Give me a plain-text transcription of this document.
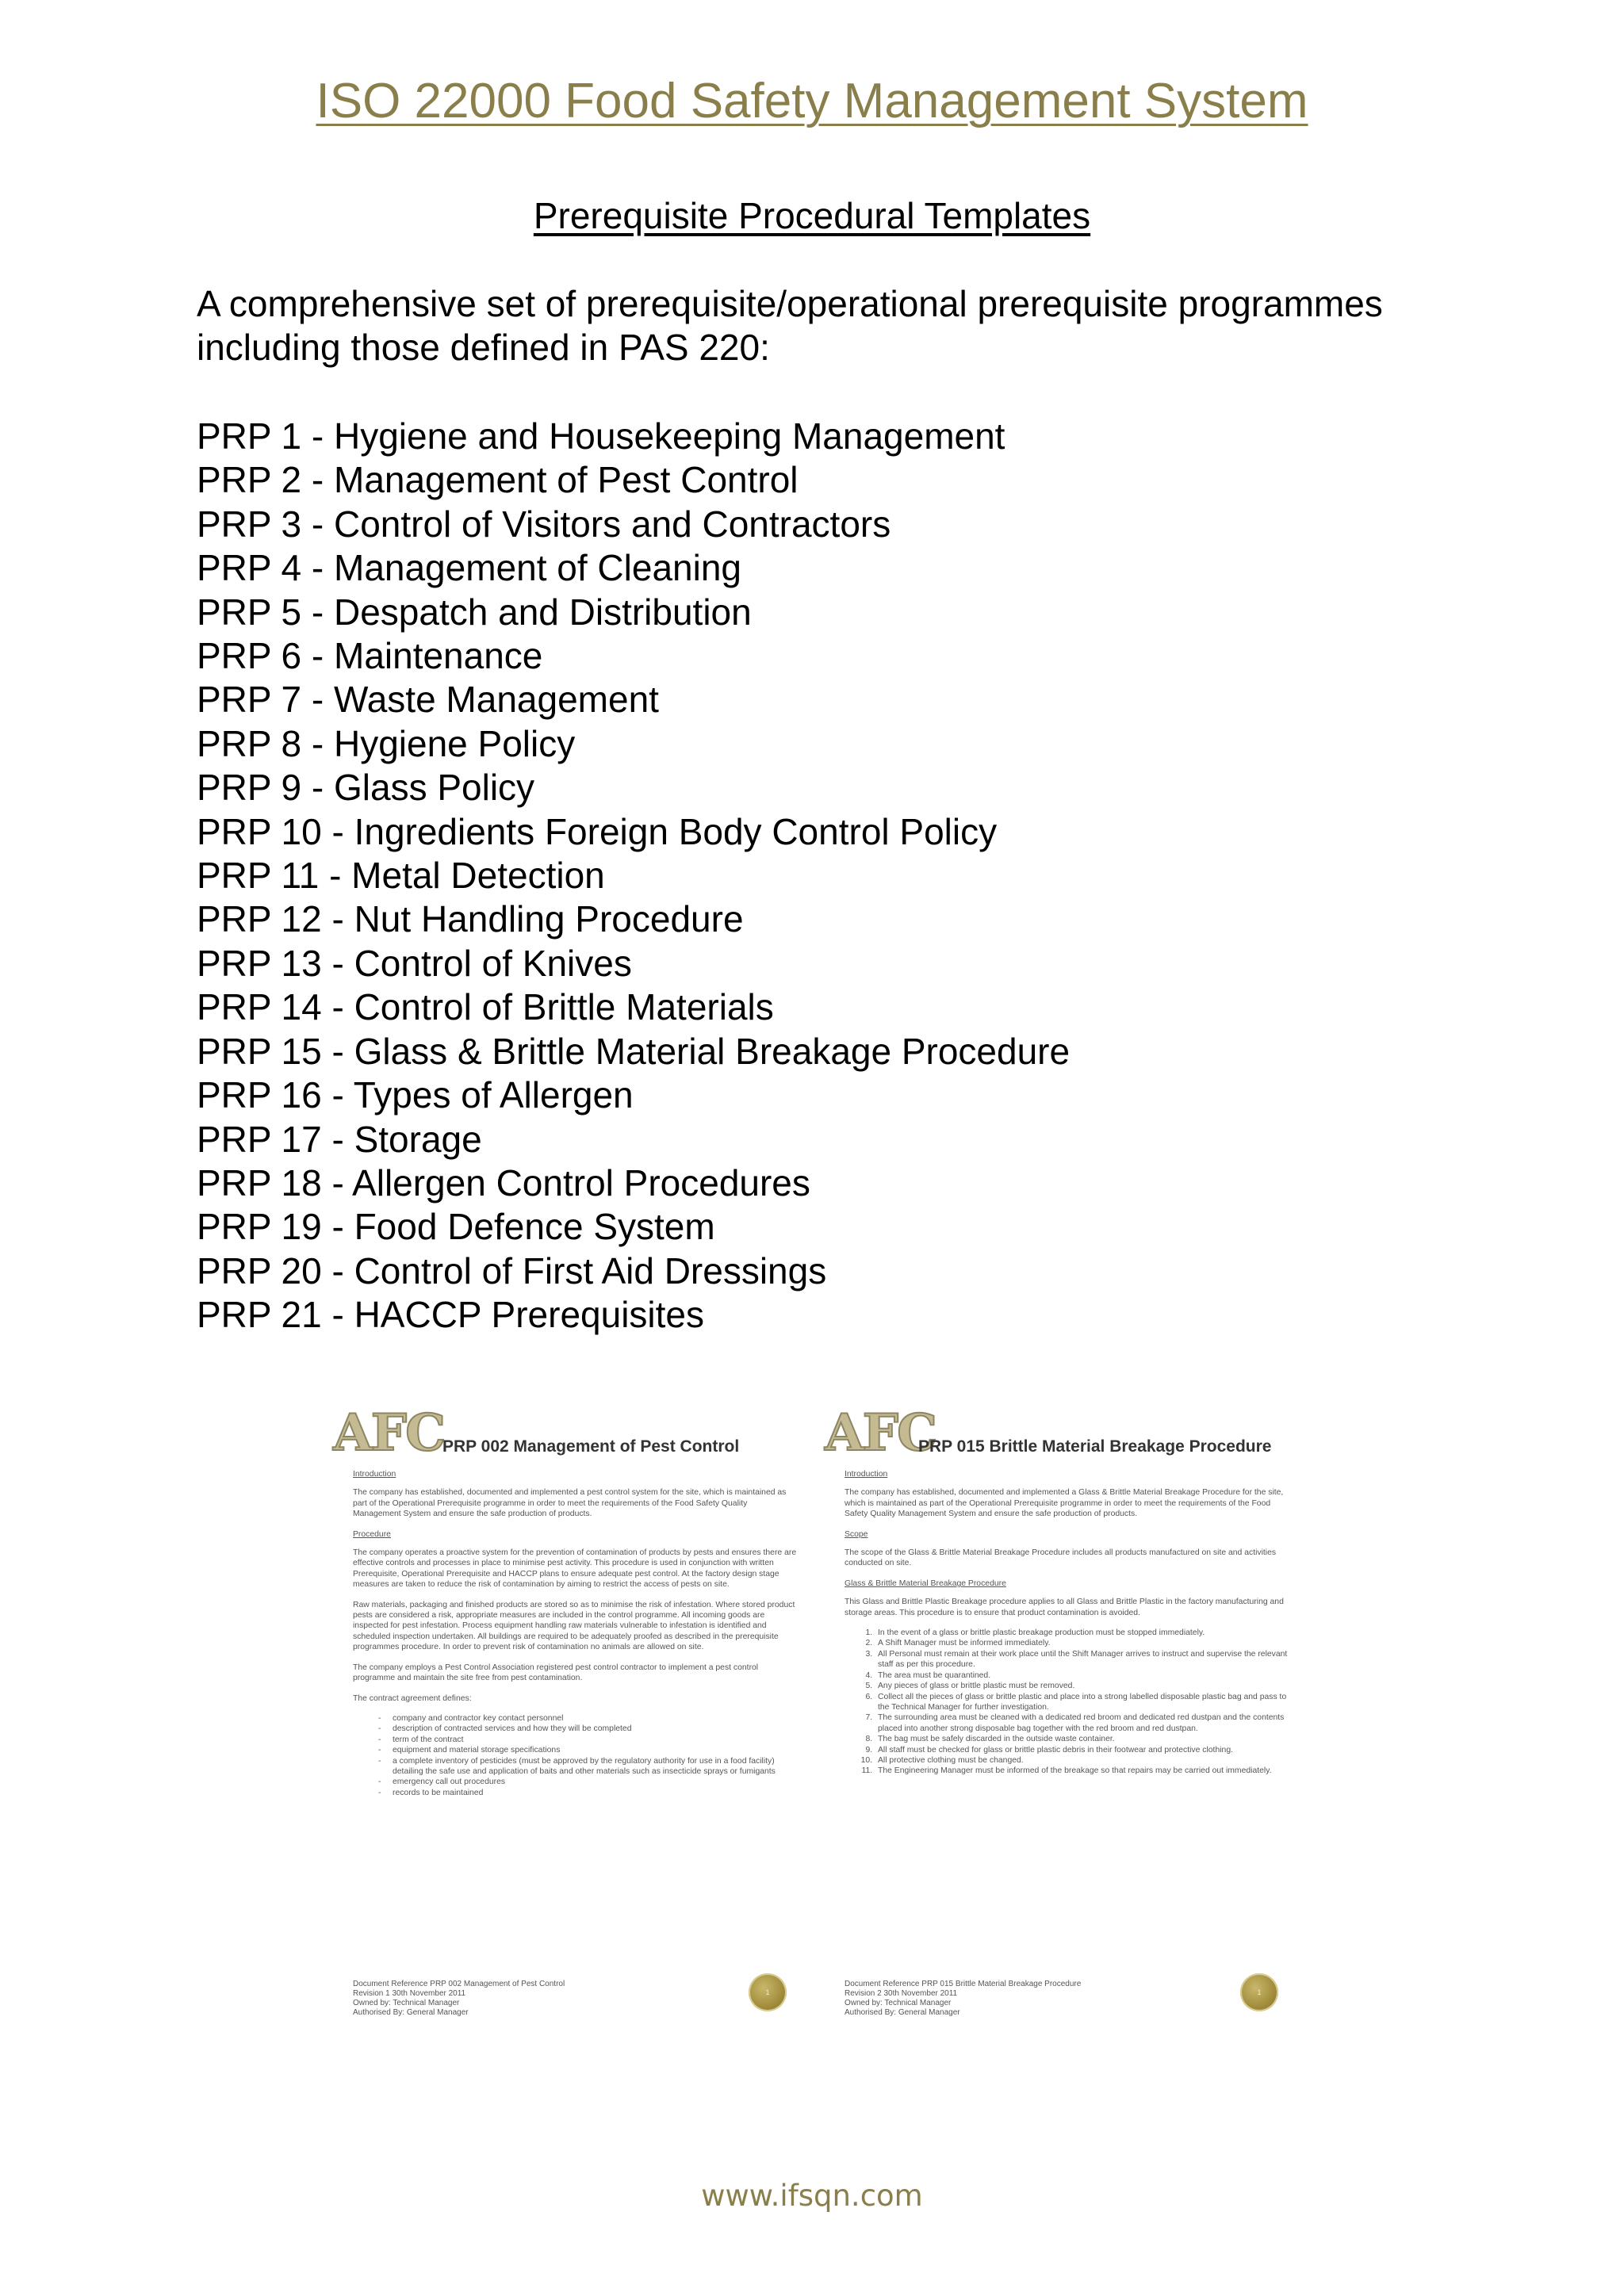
ISO 22000 Food Safety Management System
Prerequisite Procedural Templates

A comprehensive set of prerequisite/operational prerequisite programmes including those defined in PAS 220:

PRP 1 - Hygiene and Housekeeping Management
PRP 2 - Management of Pest Control
PRP 3 - Control of Visitors and Contractors
PRP 4 - Management of Cleaning
PRP 5 - Despatch and Distribution
PRP 6 - Maintenance
PRP 7 - Waste Management
PRP 8 - Hygiene Policy
PRP 9 - Glass Policy
PRP 10 - Ingredients Foreign Body Control Policy
PRP 11 - Metal Detection
PRP 12 - Nut Handling Procedure
PRP 13 - Control of Knives
PRP 14 - Control of Brittle Materials
PRP 15 - Glass & Brittle Material Breakage Procedure
PRP 16 - Types of Allergen
PRP 17 - Storage
PRP 18 - Allergen Control Procedures
PRP 19 - Food Defence System
PRP 20 - Control of First Aid Dressings
PRP 21 - HACCP Prerequisites
AFC
PRP 002 Management of Pest Control

Introduction

The company has established, documented and implemented a pest control system for the site, which is maintained as part of the Operational Prerequisite programme in order to meet the requirements of the Food Safety Quality Management System and ensure the safe production of products.

Procedure

The company operates a proactive system for the prevention of contamination of products by pests and ensures there are effective controls and processes in place to minimise pest activity. This procedure is used in conjunction with written Prerequisite, Operational Prerequisite and HACCP plans to ensure adequate pest control. At the factory design stage measures are taken to reduce the risk of contamination by aiming to restrict the access of pests on site.

Raw materials, packaging and finished products are stored so as to minimise the risk of infestation. Where stored product pests are considered a risk, appropriate measures are included in the control programme. All incoming goods are inspected for pest infestation. Process equipment handling raw materials vulnerable to infestation is identified and scheduled inspection undertaken. All buildings are required to be adequately proofed as described in the prerequisite programmes procedure. In order to prevent risk of contamination no animals are allowed on site.

The company employs a Pest Control Association registered pest control contractor to implement a pest control programme and maintain the site free from pest contamination.

The contract agreement defines:

- company and contractor key contact personnel
- description of contracted services and how they will be completed
- term of the contract
- equipment and material storage specifications
- a complete inventory of pesticides (must be approved by the regulatory authority for use in a food facility) detailing the safe use and application of baits and other materials such as insecticide sprays or fumigants
- emergency call out procedures
- records to be maintained
Document Reference PRP 002 Management of Pest Control
Revision 1 30th November 2011
Owned by: Technical Manager
Authorised By: General Manager
1
AFC
PRP 015 Brittle Material Breakage Procedure

Introduction

The company has established, documented and implemented a Glass & Brittle Material Breakage Procedure for the site, which is maintained as part of the Operational Prerequisite programme in order to meet the requirements of the Food Safety Quality Management System and ensure the safe production of products.

Scope

The scope of the Glass & Brittle Material Breakage Procedure includes all products manufactured on site and activities conducted on site.

Glass & Brittle Material Breakage Procedure

This Glass and Brittle Plastic Breakage procedure applies to all Glass and Brittle Plastic in the factory manufacturing and storage areas. This procedure is to ensure that product contamination is avoided.

1. In the event of a glass or brittle plastic breakage production must be stopped immediately.
2. A Shift Manager must be informed immediately.
3. All Personal must remain at their work place until the Shift Manager arrives to instruct and supervise the relevant staff as per this procedure.
4. The area must be quarantined.
5. Any pieces of glass or brittle plastic must be removed.
6. Collect all the pieces of glass or brittle plastic and place into a strong labelled disposable plastic bag and pass to the Technical Manager for further investigation.
7. The surrounding area must be cleaned with a dedicated red broom and dedicated red dustpan and the contents placed into another strong disposable bag together with the red broom and red dustpan.
8. The bag must be safely discarded in the outside waste container.
9. All staff must be checked for glass or brittle plastic debris in their footwear and protective clothing.
10. All protective clothing must be changed.
11. The Engineering Manager must be informed of the breakage so that repairs may be carried out immediately.
Document Reference PRP 015 Brittle Material Breakage Procedure
Revision 2 30th November 2011
Owned by: Technical Manager
Authorised By: General Manager
1
www.ifsqn.com
